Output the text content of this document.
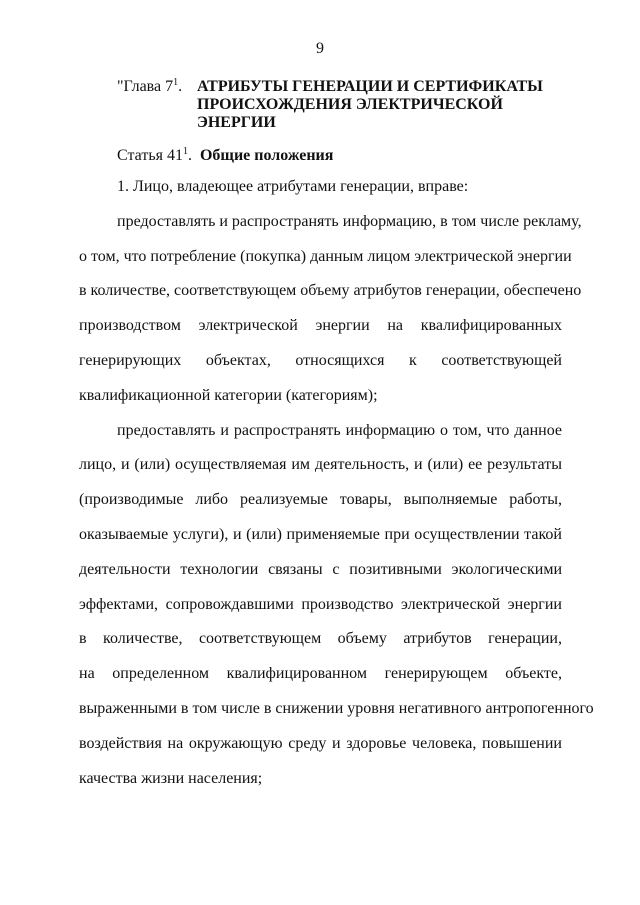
9
"Глава $7^1$. АТРИБУТЫ ГЕНЕРАЦИИ И СЕРТИФИКАТЫ ПРОИСХОЖДЕНИЯ ЭЛЕКТРИЧЕСКОЙ ЭНЕРГИИ
Статья $41^1$. Общие положения
1. Лицо, владеющее атрибутами генерации, вправе:
предоставлять и распространять информацию, в том числе рекламу,
о том, что потребление (покупка) данным лицом электрической энергии
в количестве, соответствующем объему атрибутов генерации, обеспечено
производством электрической энергии на квалифицированных
генерирующих объектах, относящихся к соответствующей
квалификационной категории (категориям);
предоставлять и распространять информацию о том, что данное
лицо, и (или) осуществляемая им деятельность, и (или) ее результаты
(производимые либо реализуемые товары, выполняемые работы,
оказываемые услуги), и (или) применяемые при осуществлении такой
деятельности технологии связаны с позитивными экологическими
эффектами, сопровождавшими производство электрической энергии
в количестве, соответствующем объему атрибутов генерации,
на определенном квалифицированном генерирующем объекте,
выраженными в том числе в снижении уровня негативного антропогенного
воздействия на окружающую среду и здоровье человека, повышении
качества жизни населения;
